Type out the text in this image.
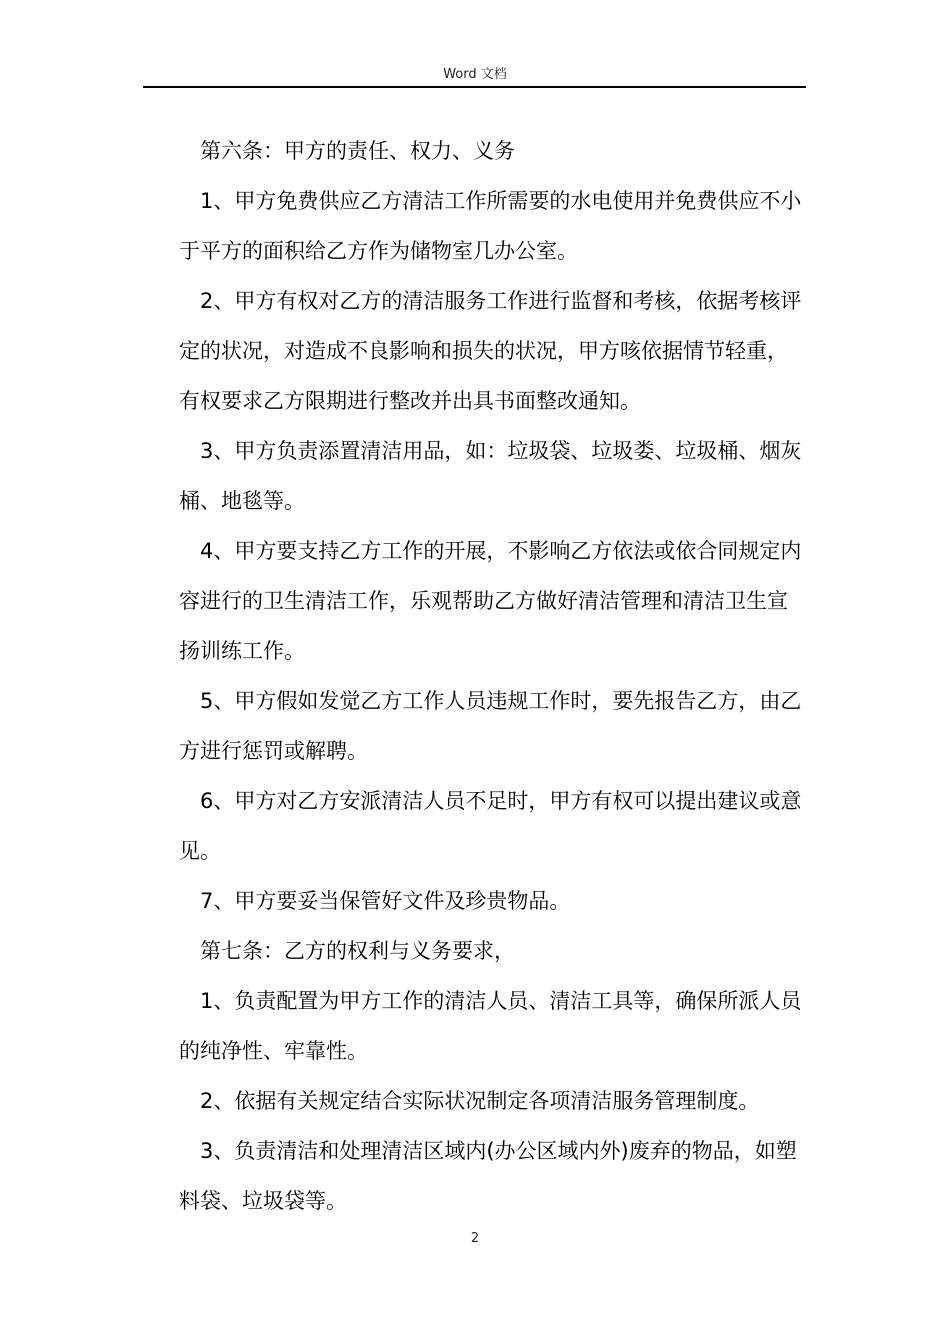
Word 文档

第六条：甲方的责任、权力、义务

1、甲方免费供应乙方清洁工作所需要的水电使用并免费供应不小于平方的面积给乙方作为储物室几办公室。

2、甲方有权对乙方的清洁服务工作进行监督和考核，依据考核评定的状况，对造成不良影响和损失的状况，甲方咳依据情节轻重，有权要求乙方限期进行整改并出具书面整改通知。

3、甲方负责添置清洁用品，如：垃圾袋、垃圾娄、垃圾桶、烟灰桶、地毯等。

4、甲方要支持乙方工作的开展，不影响乙方依法或依合同规定内容进行的卫生清洁工作，乐观帮助乙方做好清洁管理和清洁卫生宣扬训练工作。

5、甲方假如发觉乙方工作人员违规工作时，要先报告乙方，由乙方进行惩罚或解聘。

6、甲方对乙方安派清洁人员不足时，甲方有权可以提出建议或意见。

7、甲方要妥当保管好文件及珍贵物品。

第七条：乙方的权利与义务要求，

1、负责配置为甲方工作的清洁人员、清洁工具等，确保所派人员的纯净性、牢靠性。

2、依据有关规定结合实际状况制定各项清洁服务管理制度。

3、负责清洁和处理清洁区域内(办公区域内外)废弃的物品，如塑料袋、垃圾袋等。

2
